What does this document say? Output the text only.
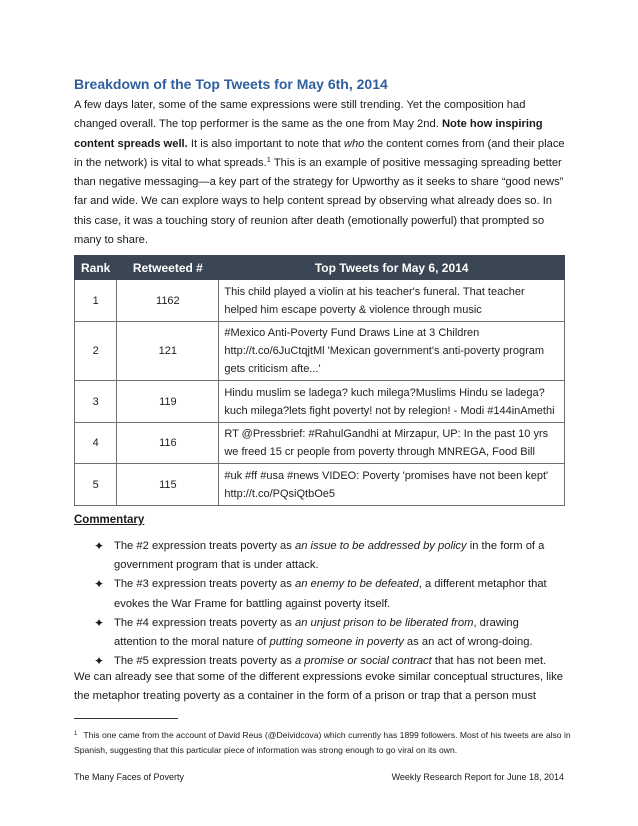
Breakdown of the Top Tweets for May 6th, 2014

A few days later, some of the same expressions were still trending. Yet the composition had changed overall. The top performer is the same as the one from May 2nd. Note how inspiring content spreads well. It is also important to note that who the content comes from (and their place in the network) is vital to what spreads.$^1$ This is an example of positive messaging spreading better than negative messaging—a key part of the strategy for Upworthy as it seeks to share “good news” far and wide. We can explore ways to help content spread by observing what already does so. In this case, it was a touching story of reunion after death (emotionally powerful) that prompted so many to share.

Rank	Retweeted #	Top Tweets for May 6, 2014
1	1162	This child played a violin at his teacher's funeral. That teacher helped him escape poverty & violence through music
2	121	#Mexico Anti-Poverty Fund Draws Line at 3 Children http://t.co/6JuCtqjtMl 'Mexican government's anti-poverty program gets criticism afte...'
3	119	Hindu muslim se ladega? kuch milega?Muslims Hindu se ladega? kuch milega?lets fight poverty! not by relegion! - Modi #144inAmethi
4	116	RT @Pressbrief: #RahulGandhi at Mirzapur, UP: In the past 10 yrs we freed 15 cr people from poverty through MNREGA, Food Bill
5	115	#uk #ff #usa #news VIDEO: Poverty 'promises have not been kept' http://t.co/PQsiQtbOe5
Commentary
✦ The #2 expression treats poverty as an issue to be addressed by policy in the form of a government program that is under attack.
✦ The #3 expression treats poverty as an enemy to be defeated, a different metaphor that evokes the War Frame for battling against poverty itself.
✦ The #4 expression treats poverty as an unjust prison to be liberated from, drawing attention to the moral nature of putting someone in poverty as an act of wrong-doing.
✦ The #5 expression treats poverty as a promise or social contract that has not been met.

We can already see that some of the different expressions evoke similar conceptual structures, like the metaphor treating poverty as a container in the form of a prison or trap that a person must

$^1$ This one came from the account of David Reus (@Deividcova) which currently has 1899 followers. Most of his tweets are also in Spanish, suggesting that this particular piece of information was strong enough to go viral on its own.

The Many Faces of Poverty	Weekly Research Report for June 18, 2014
